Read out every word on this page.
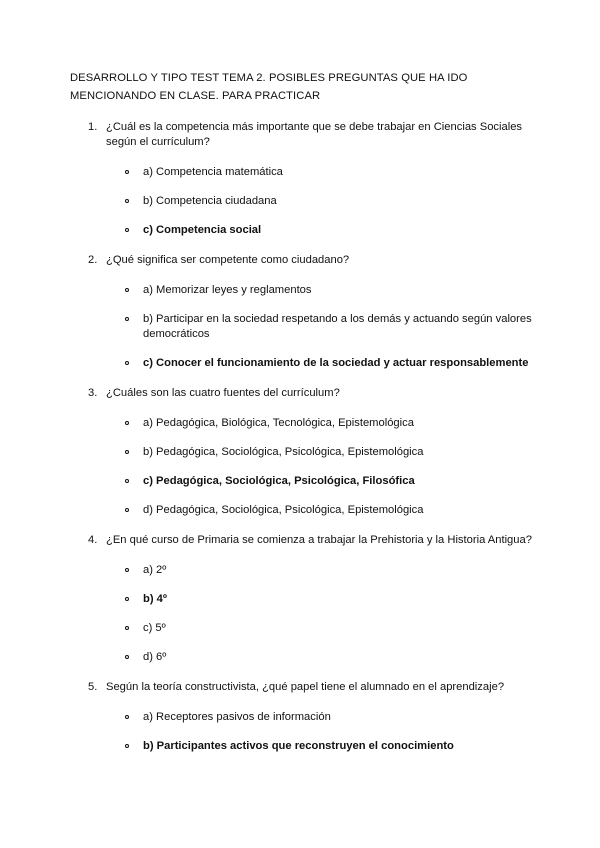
DESARROLLO Y TIPO TEST TEMA 2. POSIBLES PREGUNTAS QUE HA IDO
MENCIONANDO EN CLASE. PARA PRACTICAR
1. ¿Cuál es la competencia más importante que se debe trabajar en Ciencias Sociales según el currículum?

a) Competencia matemática
b) Competencia ciudadana
c) Competencia social
2. ¿Qué significa ser competente como ciudadano?

a) Memorizar leyes y reglamentos
b) Participar en la sociedad respetando a los demás y actuando según valores democráticos
c) Conocer el funcionamiento de la sociedad y actuar responsablemente
3. ¿Cuáles son las cuatro fuentes del currículum?

a) Pedagógica, Biológica, Tecnológica, Epistemológica
b) Pedagógica, Sociológica, Psicológica, Epistemológica
c) Pedagógica, Sociológica, Psicológica, Filosófica
d) Pedagógica, Sociológica, Psicológica, Epistemológica
4. ¿En qué curso de Primaria se comienza a trabajar la Prehistoria y la Historia Antigua?

a) 2º
b) 4º
c) 5º
d) 6º
5. Según la teoría constructivista, ¿qué papel tiene el alumnado en el aprendizaje?

a) Receptores pasivos de información
b) Participantes activos que reconstruyen el conocimiento
